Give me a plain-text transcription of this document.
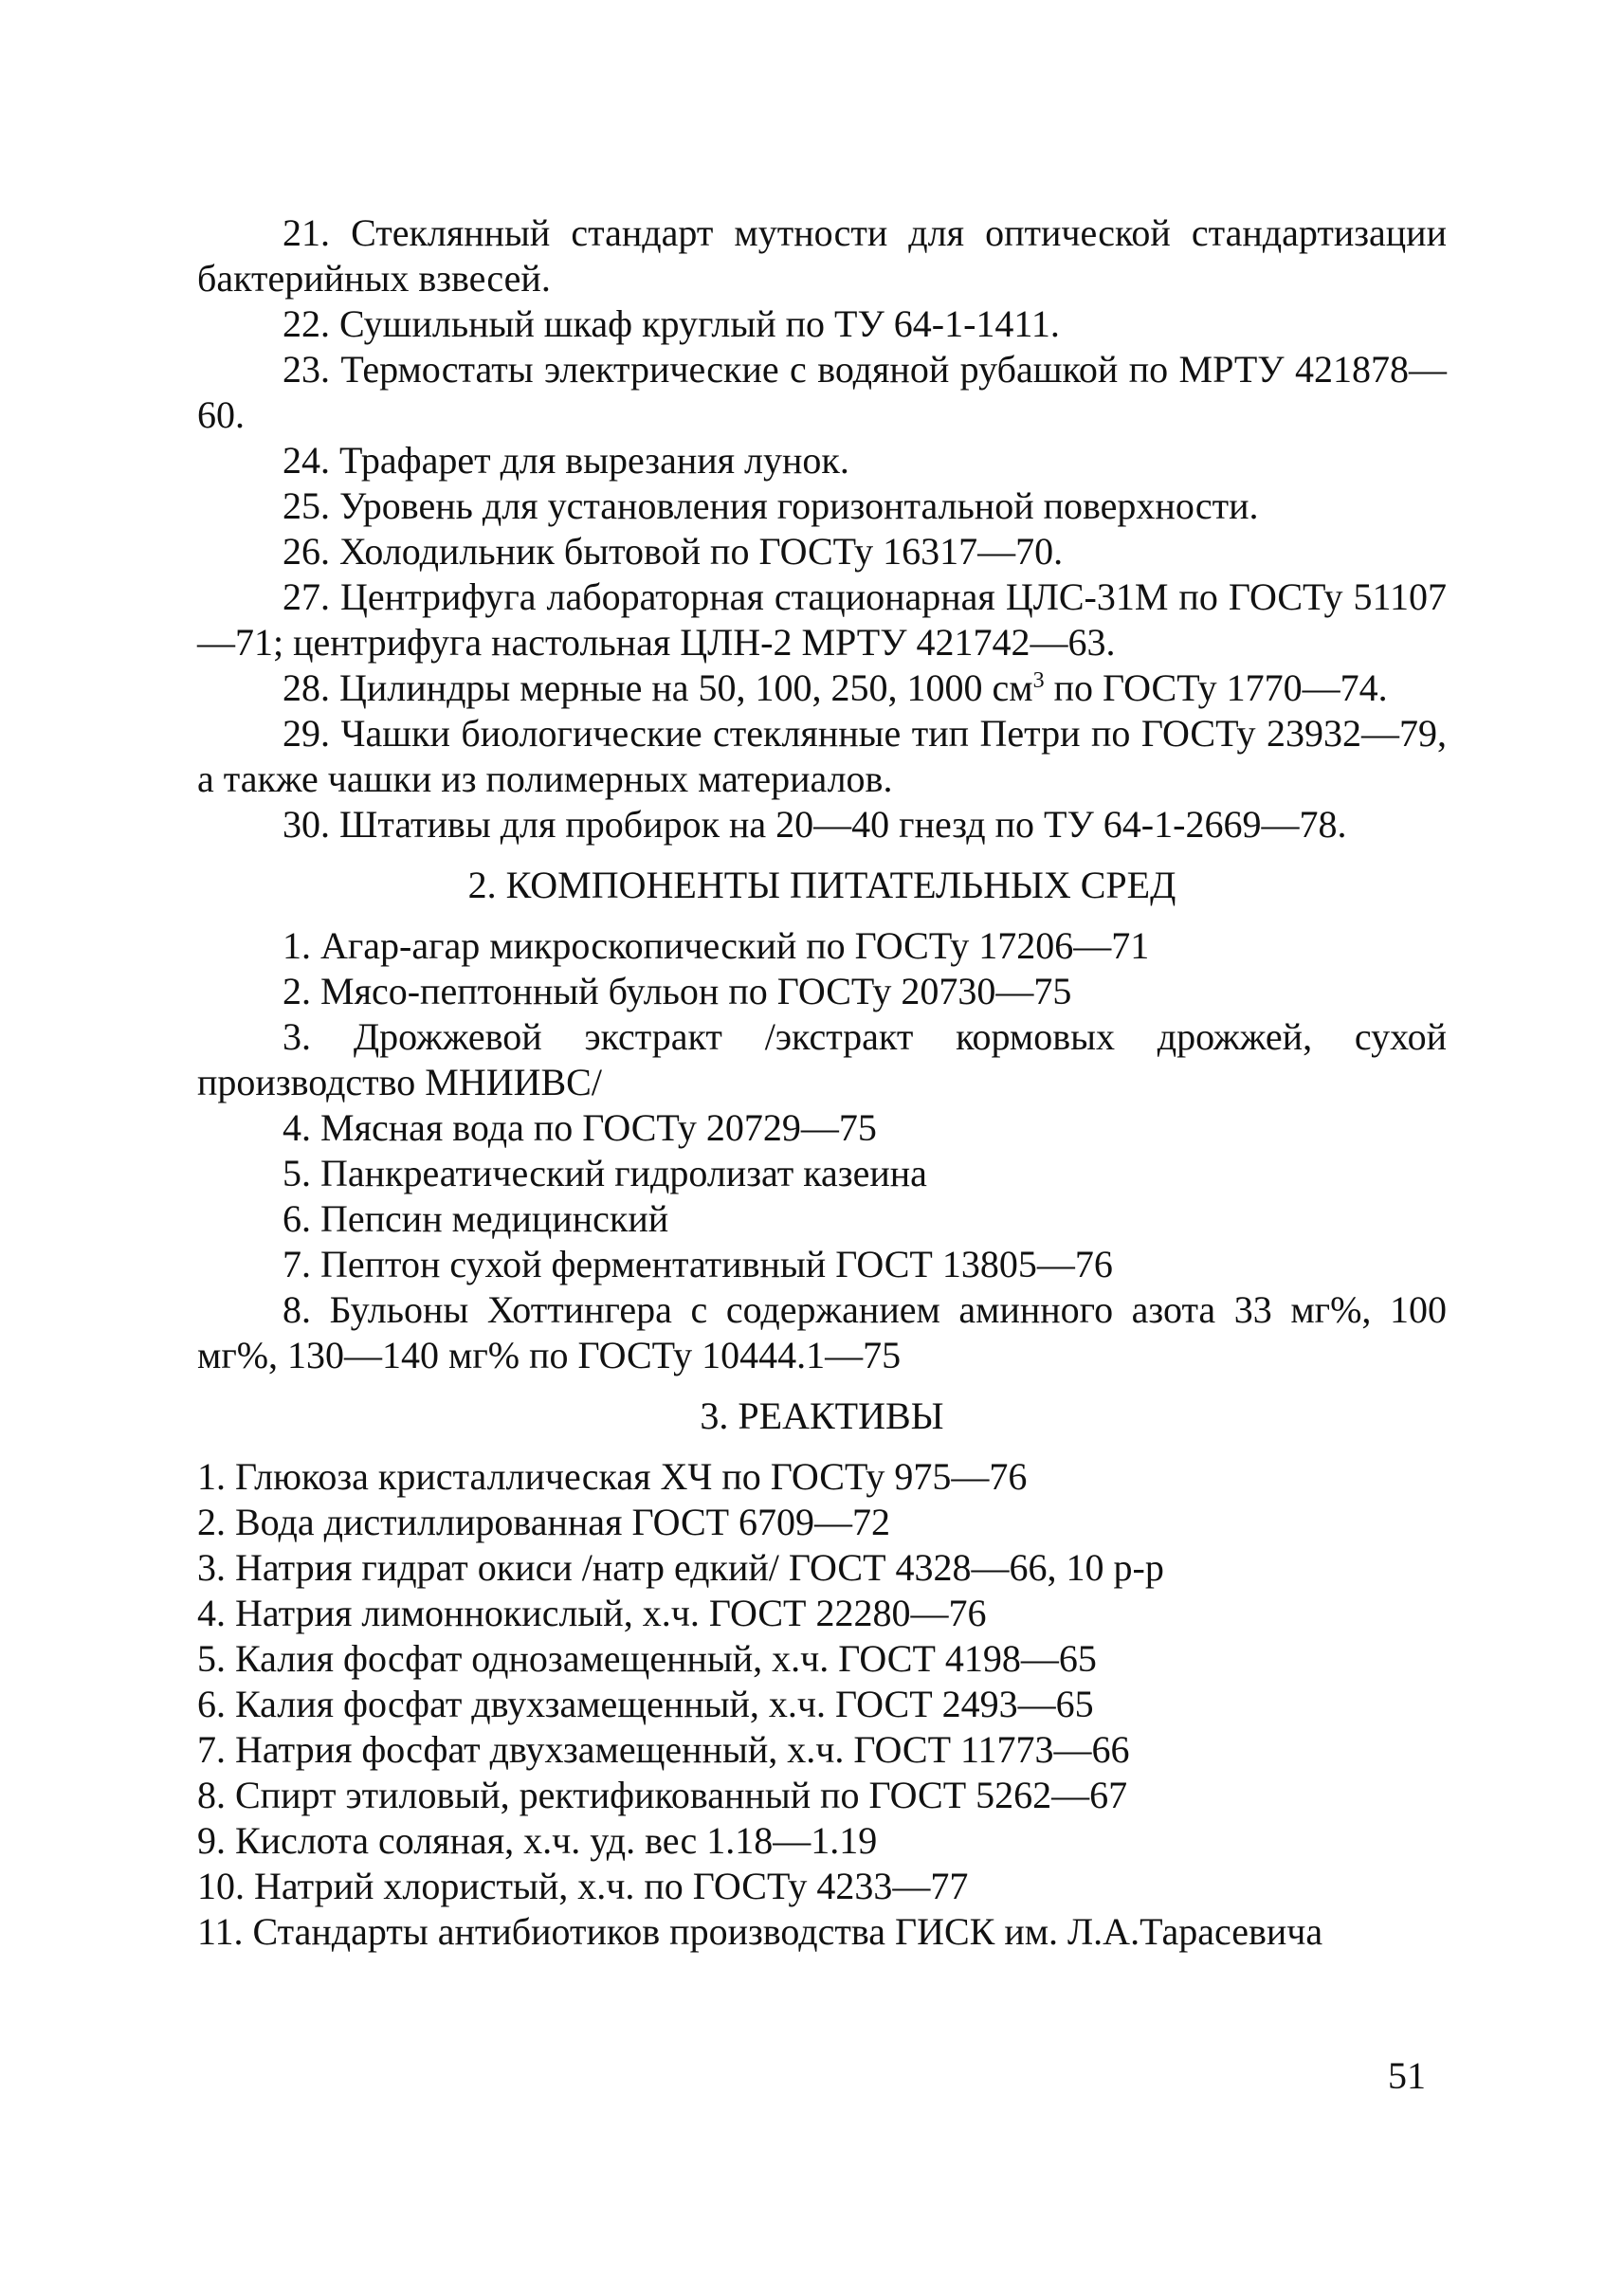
21. Стеклянный стандарт мутности для оптической стандартизации бактерийных взвесей.

22. Сушильный шкаф круглый по ТУ 64-1-1411.

23. Термостаты электрические с водяной рубашкой по МРТУ 421878—60.

24. Трафарет для вырезания лунок.

25. Уровень для установления горизонтальной поверхности.

26. Холодильник бытовой по ГОСТу 16317—70.

27. Центрифуга лабораторная стационарная ЦЛС-31М по ГОСТу 51107—71; центрифуга настольная ЦЛН-2 МРТУ 421742—63.

28. Цилиндры мерные на 50, 100, 250, 1000 $см^3$ по ГОСТу 1770—74.

29. Чашки биологические стеклянные тип Петри по ГОСТу 23932—79, а также чашки из полимерных материалов.

30. Штативы для пробирок на 20—40 гнезд по ТУ 64-1-2669—78.

2. КОМПОНЕНТЫ ПИТАТЕЛЬНЫХ СРЕД

1. Агар-агар микроскопический по ГОСТу 17206—71

2. Мясо-пептонный бульон по ГОСТу 20730—75

3. Дрожжевой экстракт /экстракт кормовых дрожжей, сухой производство МНИИВС/

4. Мясная вода по ГОСТу 20729—75

5. Панкреатический гидролизат казеина

6. Пепсин медицинский

7. Пептон сухой ферментативный ГОСТ 13805—76

8. Бульоны Хоттингера с содержанием аминного азота 33 мг%, 100 мг%, 130—140 мг% по ГОСТу 10444.1—75

3. РЕАКТИВЫ

1. Глюкоза кристаллическая ХЧ по ГОСТу 975—76

2. Вода дистиллированная ГОСТ 6709—72

3. Натрия гидрат окиси /натр едкий/ ГОСТ 4328—66, 10 р-р

4. Натрия лимоннокислый, х.ч. ГОСТ 22280—76

5. Калия фосфат однозамещенный, х.ч. ГОСТ 4198—65

6. Калия фосфат двухзамещенный, х.ч. ГОСТ 2493—65

7. Натрия фосфат двухзамещенный, х.ч. ГОСТ 11773—66

8. Спирт этиловый, ректификованный по ГОСТ 5262—67

9. Кислота соляная, х.ч. уд. вес 1.18—1.19

10. Натрий хлористый, х.ч. по ГОСТу 4233—77

11. Стандарты антибиотиков производства ГИСК им. Л.А.Тарасевича

51
